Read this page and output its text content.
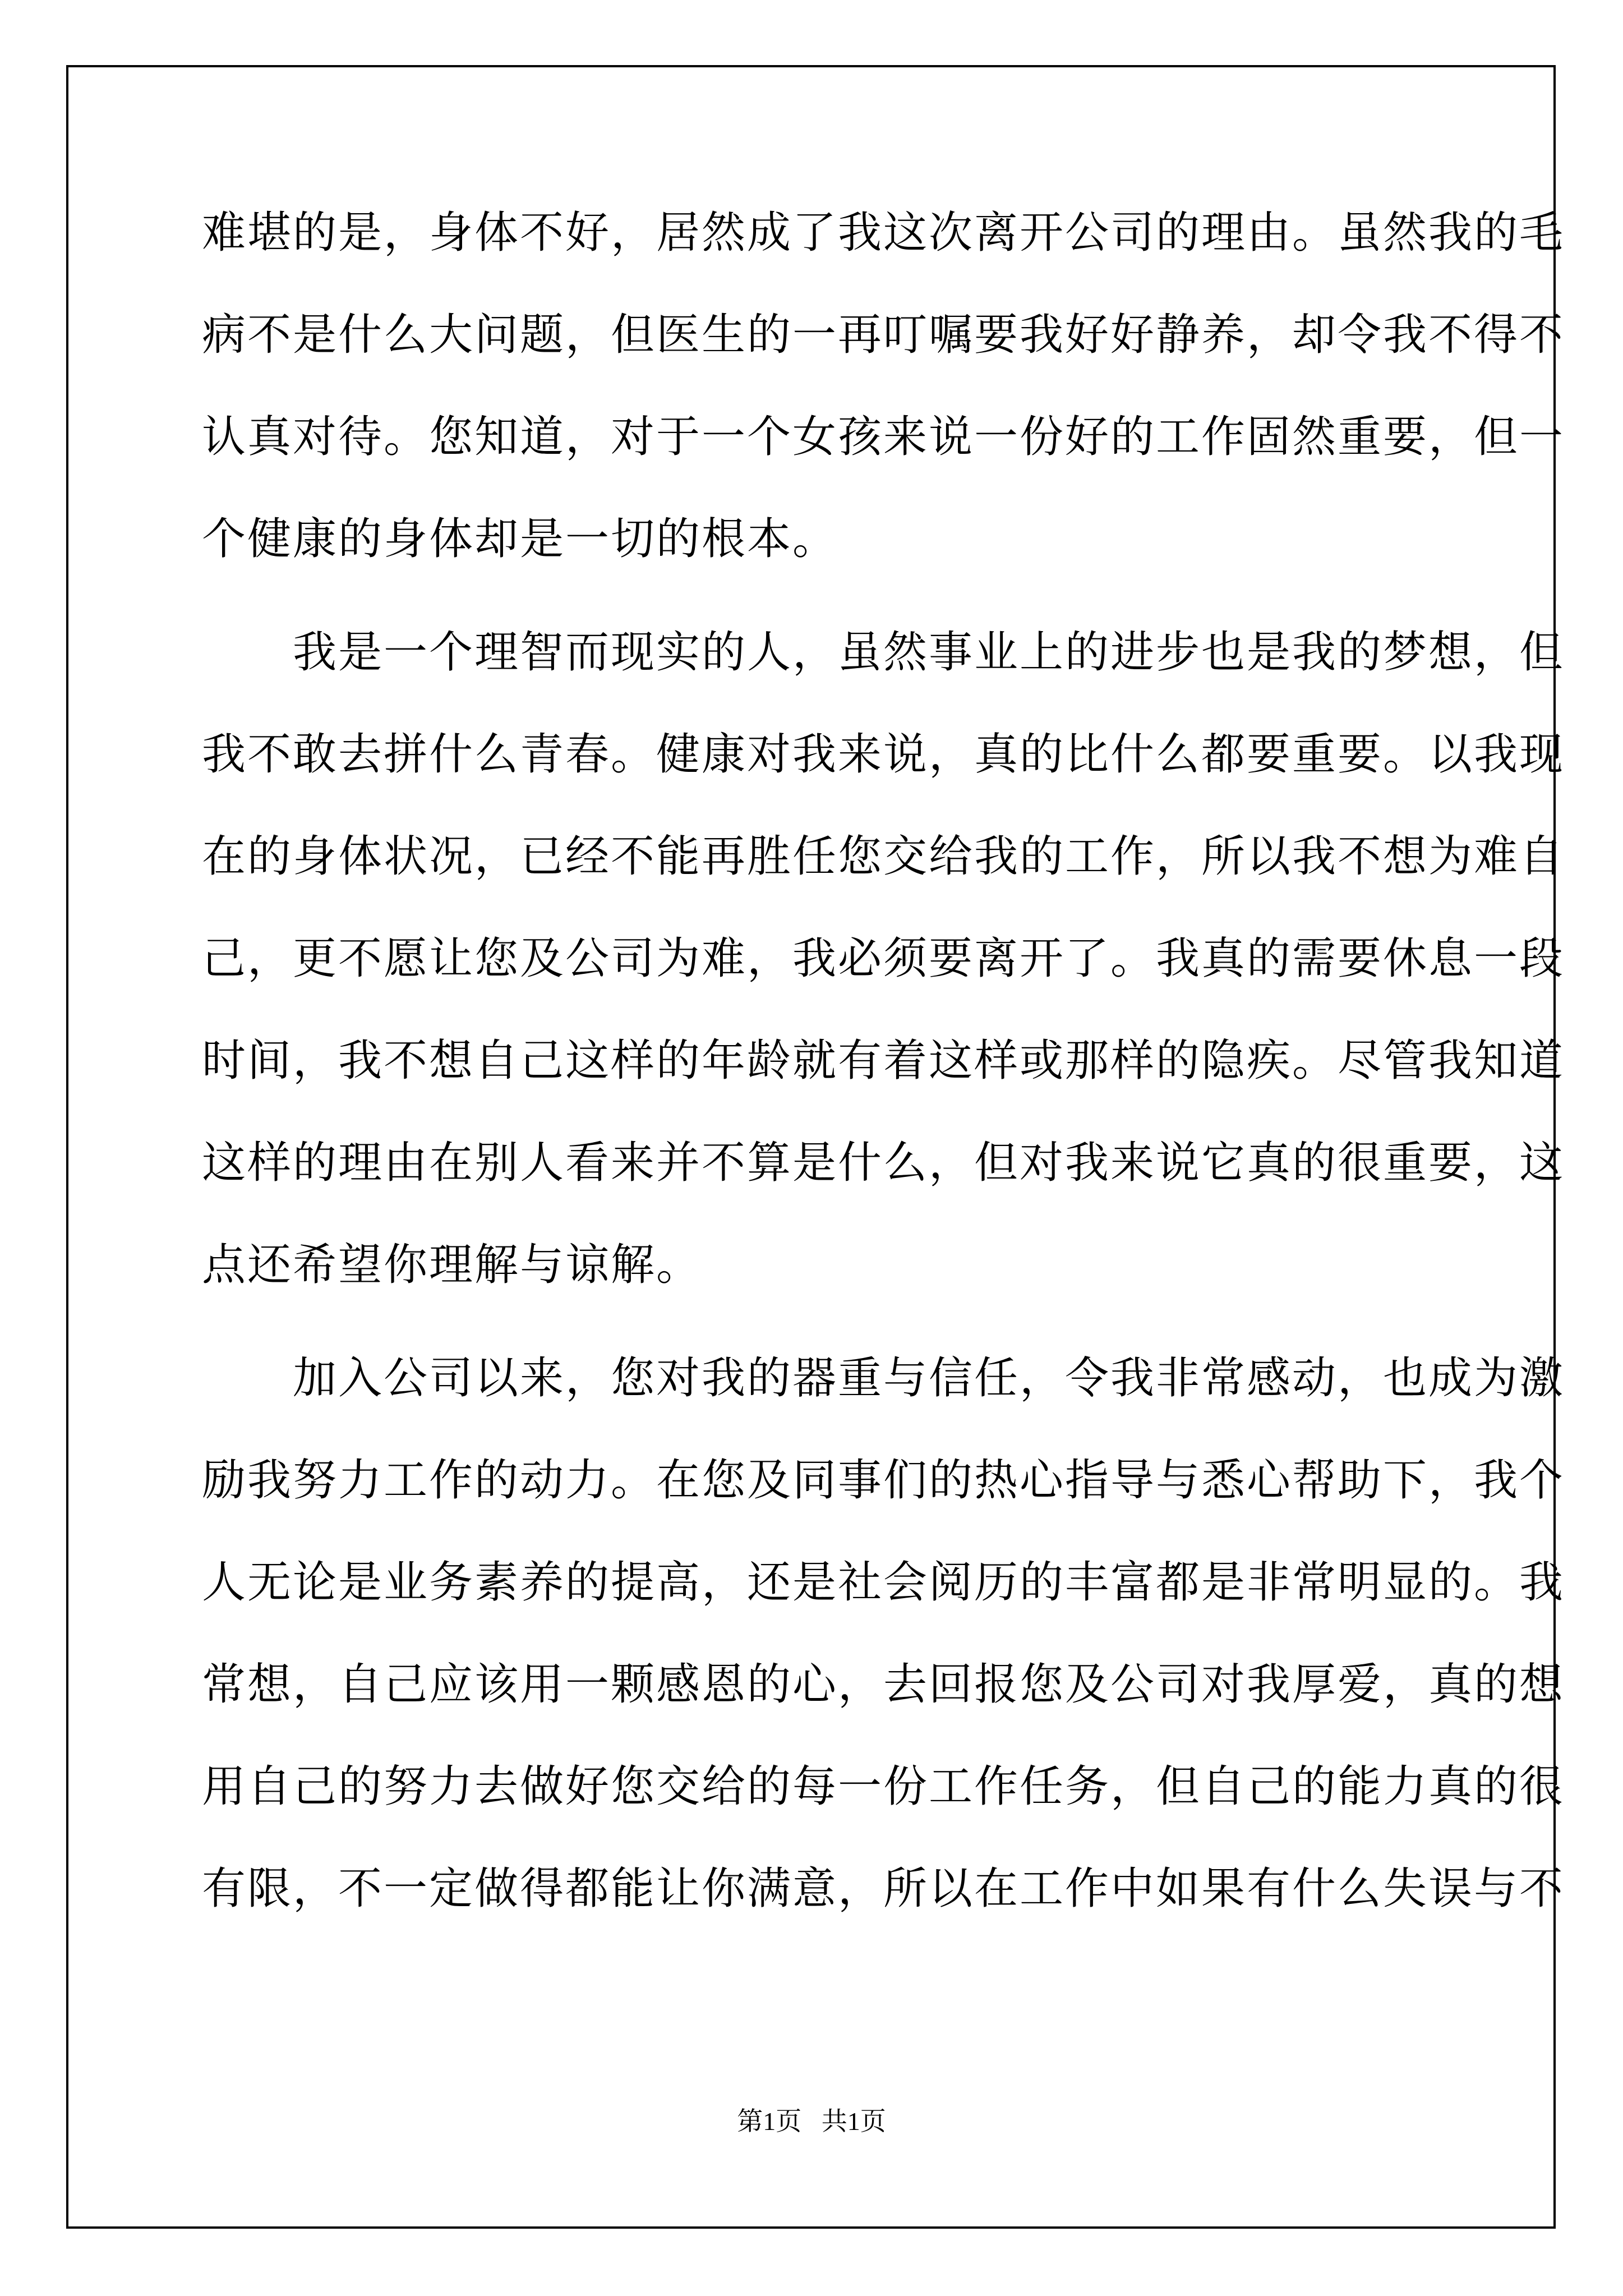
难堪的是，身体不好，居然成了我这次离开公司的理由。虽然我的毛
病不是什么大问题，但医生的一再叮嘱要我好好静养，却令我不得不
认真对待。您知道，对于一个女孩来说一份好的工作固然重要，但一
个健康的身体却是一切的根本。
　　我是一个理智而现实的人，虽然事业上的进步也是我的梦想，但
我不敢去拼什么青春。健康对我来说，真的比什么都要重要。以我现
在的身体状况，已经不能再胜任您交给我的工作，所以我不想为难自
己，更不愿让您及公司为难，我必须要离开了。我真的需要休息一段
时间，我不想自己这样的年龄就有着这样或那样的隐疾。尽管我知道
这样的理由在别人看来并不算是什么，但对我来说它真的很重要，这
点还希望你理解与谅解。
　　加入公司以来，您对我的器重与信任，令我非常感动，也成为激
励我努力工作的动力。在您及同事们的热心指导与悉心帮助下，我个
人无论是业务素养的提高，还是社会阅历的丰富都是非常明显的。我
常想，自己应该用一颗感恩的心，去回报您及公司对我厚爱，真的想
用自己的努力去做好您交给的每一份工作任务，但自己的能力真的很
有限，不一定做得都能让你满意，所以在工作中如果有什么失误与不
第1页 共1页
